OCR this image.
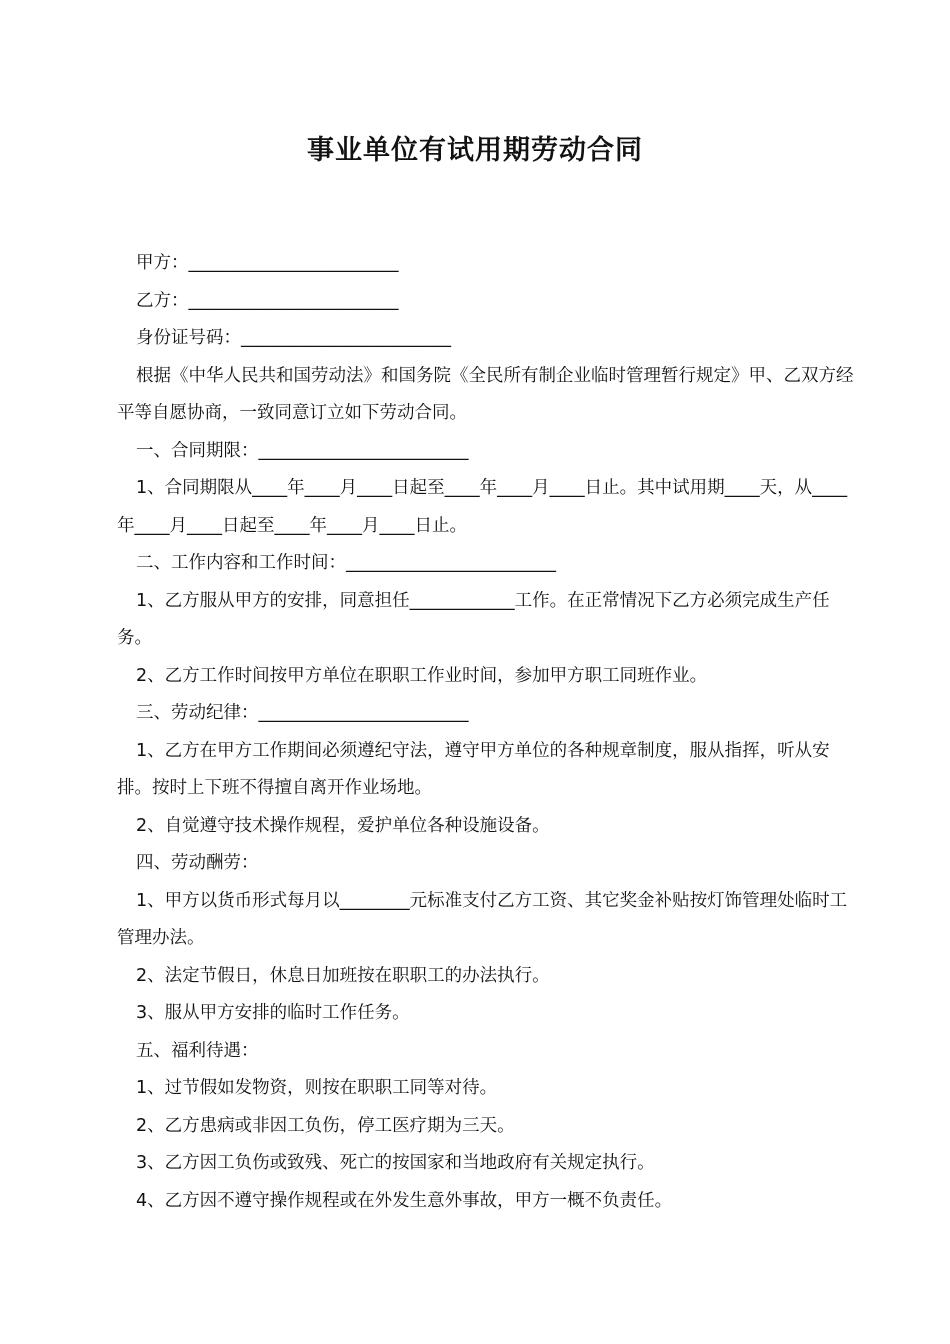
事业单位有试用期劳动合同

甲方：________________________

乙方：________________________

身份证号码：________________________

根据《中华人民共和国劳动法》和国务院《全民所有制企业临时管理暂行规定》甲、乙双方经平等自愿协商，一致同意订立如下劳动合同。

一、合同期限：________________________

1、合同期限从____年____月____日起至____年____月____日止。其中试用期____天，从____年____月____日起至____年____月____日止。

二、工作内容和工作时间：________________________

1、乙方服从甲方的安排，同意担任____________工作。在正常情况下乙方必须完成生产任务。

2、乙方工作时间按甲方单位在职职工作业时间，参加甲方职工同班作业。

三、劳动纪律：________________________

1、乙方在甲方工作期间必须遵纪守法，遵守甲方单位的各种规章制度，服从指挥，听从安排。按时上下班不得擅自离开作业场地。

2、自觉遵守技术操作规程，爱护单位各种设施设备。

四、劳动酬劳：

1、甲方以货币形式每月以________元标准支付乙方工资、其它奖金补贴按灯饰管理处临时工管理办法。

2、法定节假日，休息日加班按在职职工的办法执行。

3、服从甲方安排的临时工作任务。

五、福利待遇：

1、过节假如发物资，则按在职职工同等对待。

2、乙方患病或非因工负伤，停工医疗期为三天。

3、乙方因工负伤或致残、死亡的按国家和当地政府有关规定执行。

4、乙方因不遵守操作规程或在外发生意外事故，甲方一概不负责任。
